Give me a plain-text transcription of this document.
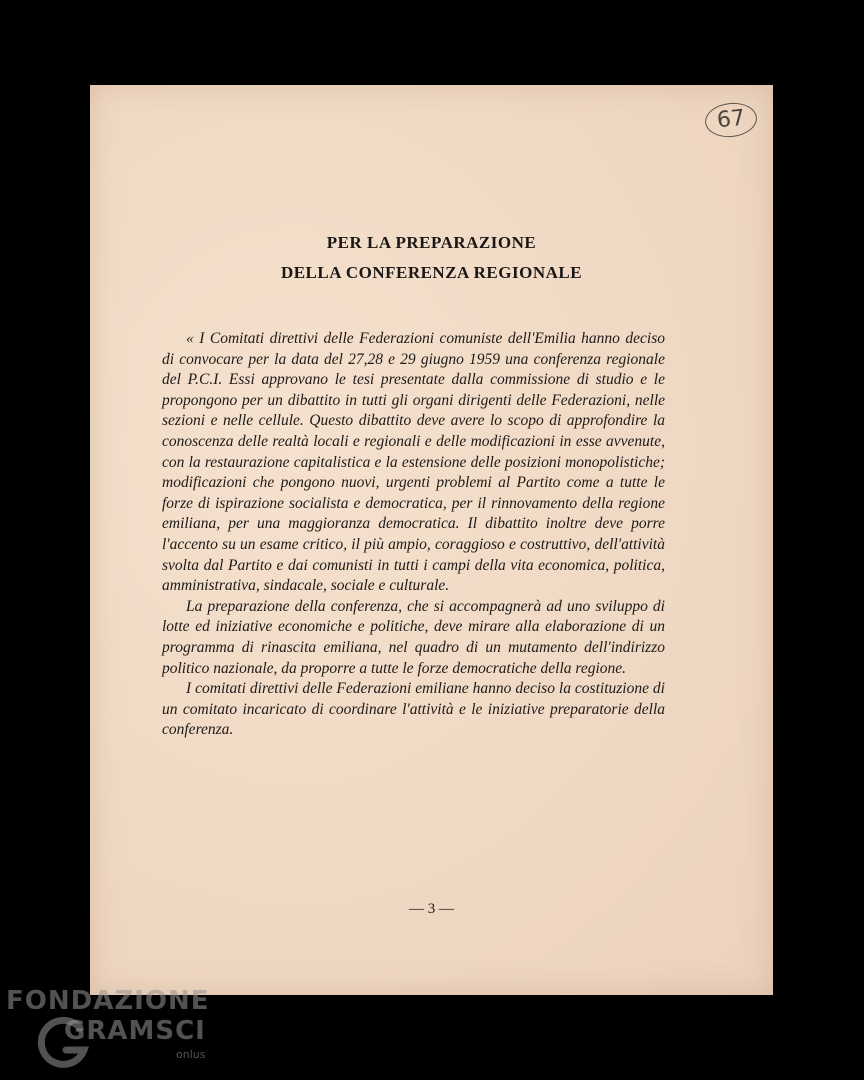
67
PER LA PREPARAZIONE
DELLA CONFERENZA REGIONALE

« I Comitati direttivi delle Federazioni comuniste dell'Emilia hanno deciso di convocare per la data del 27,28 e 29 giugno 1959 una conferenza regionale del P.C.I. Essi approvano le tesi presentate dalla commissione di studio e le propongono per un dibattito in tutti gli organi dirigenti delle Federazioni, nelle sezioni e nelle cellule. Questo dibattito deve avere lo scopo di approfondire la conoscenza delle realtà locali e regionali e delle modificazioni in esse avvenute, con la restaurazione capitalistica e la estensione delle posizioni monopolistiche; modificazioni che pongono nuovi, urgenti problemi al Partito come a tutte le forze di ispirazione socialista e democratica, per il rinnovamento della regione emiliana, per una maggioranza democratica. Il dibattito inoltre deve porre l'accento su un esame critico, il più ampio, coraggioso e costruttivo, dell'attività svolta dal Partito e dai comunisti in tutti i campi della vita economica, politica, amministrativa, sindacale, sociale e culturale.

La preparazione della conferenza, che si accompagnerà ad uno sviluppo di lotte ed iniziative economiche e politiche, deve mirare alla elaborazione di un programma di rinascita emiliana, nel quadro di un mutamento dell'indirizzo politico nazionale, da proporre a tutte le forze democratiche della regione.

I comitati direttivi delle Federazioni emiliane hanno deciso la costituzione di un comitato incaricato di coordinare l'attività e le iniziative preparatorie della conferenza.

— 3 —
FONDAZIONE
GRAMSCI
onlus
